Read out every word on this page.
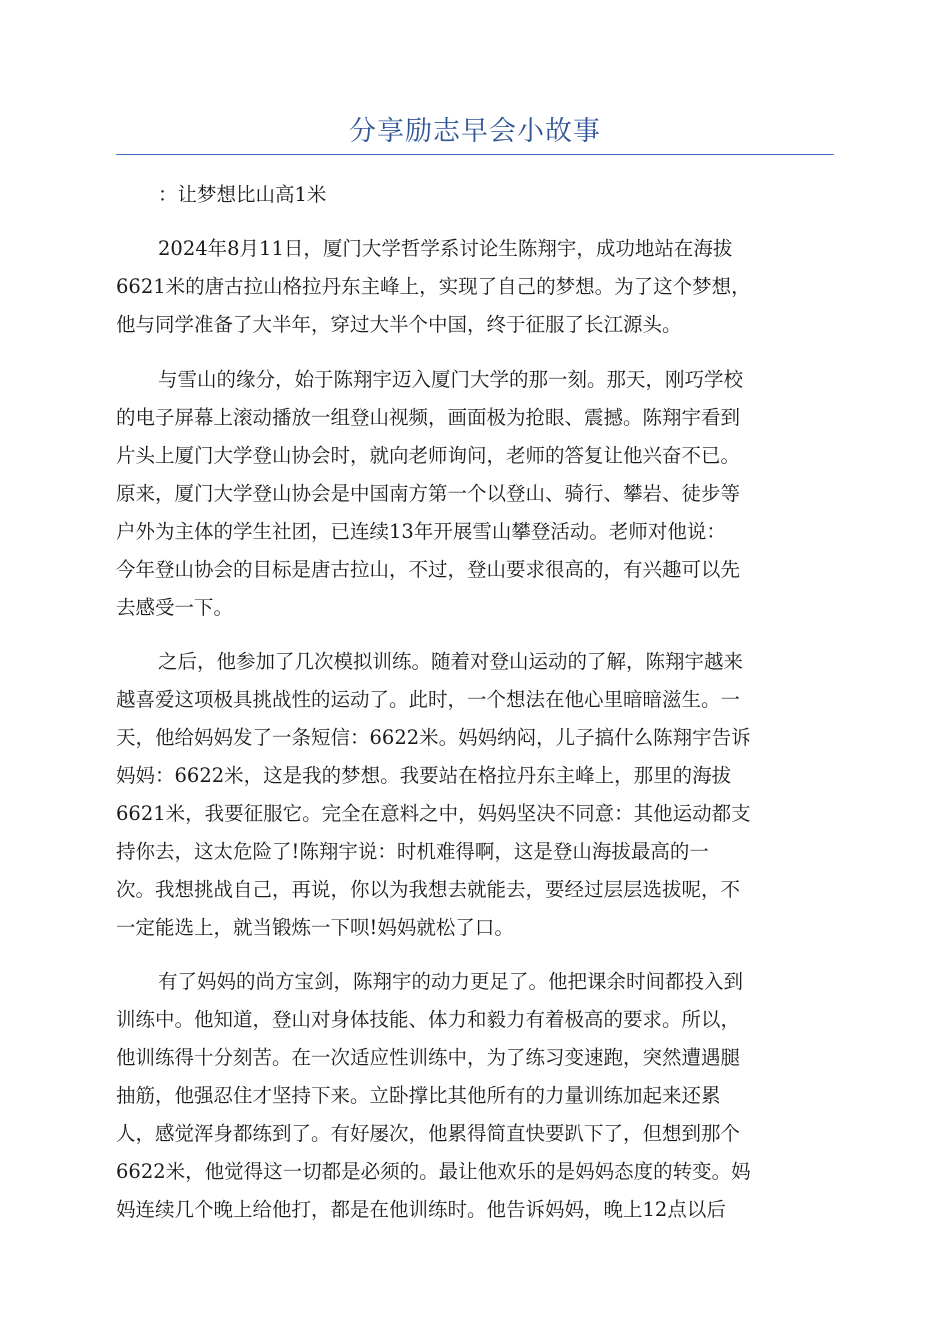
分享励志早会小故事
：让梦想比山高1米
2024年8月11日，厦门大学哲学系讨论生陈翔宇，成功地站在海拔
6621米的唐古拉山格拉丹东主峰上，实现了自己的梦想。为了这个梦想，
他与同学准备了大半年，穿过大半个中国，终于征服了长江源头。
与雪山的缘分，始于陈翔宇迈入厦门大学的那一刻。那天，刚巧学校
的电子屏幕上滚动播放一组登山视频，画面极为抢眼、震撼。陈翔宇看到
片头上厦门大学登山协会时，就向老师询问，老师的答复让他兴奋不已。
原来，厦门大学登山协会是中国南方第一个以登山、骑行、攀岩、徒步等
户外为主体的学生社团，已连续13年开展雪山攀登活动。老师对他说：
今年登山协会的目标是唐古拉山，不过，登山要求很高的，有兴趣可以先
去感受一下。
之后，他参加了几次模拟训练。随着对登山运动的了解，陈翔宇越来
越喜爱这项极具挑战性的运动了。此时，一个想法在他心里暗暗滋生。一
天，他给妈妈发了一条短信：6622米。妈妈纳闷，儿子搞什么陈翔宇告诉
妈妈：6622米，这是我的梦想。我要站在格拉丹东主峰上，那里的海拔
6621米，我要征服它。完全在意料之中，妈妈坚决不同意：其他运动都支
持你去，这太危险了!陈翔宇说：时机难得啊，这是登山海拔最高的一
次。我想挑战自己，再说，你以为我想去就能去，要经过层层选拔呢，不
一定能选上，就当锻炼一下呗!妈妈就松了口。
有了妈妈的尚方宝剑，陈翔宇的动力更足了。他把课余时间都投入到
训练中。他知道，登山对身体技能、体力和毅力有着极高的要求。所以，
他训练得十分刻苦。在一次适应性训练中，为了练习变速跑，突然遭遇腿
抽筋，他强忍住才坚持下来。立卧撑比其他所有的力量训练加起来还累
人，感觉浑身都练到了。有好屡次，他累得简直快要趴下了，但想到那个
6622米，他觉得这一切都是必须的。最让他欢乐的是妈妈态度的转变。妈
妈连续几个晚上给他打，都是在他训练时。他告诉妈妈，晚上12点以后
